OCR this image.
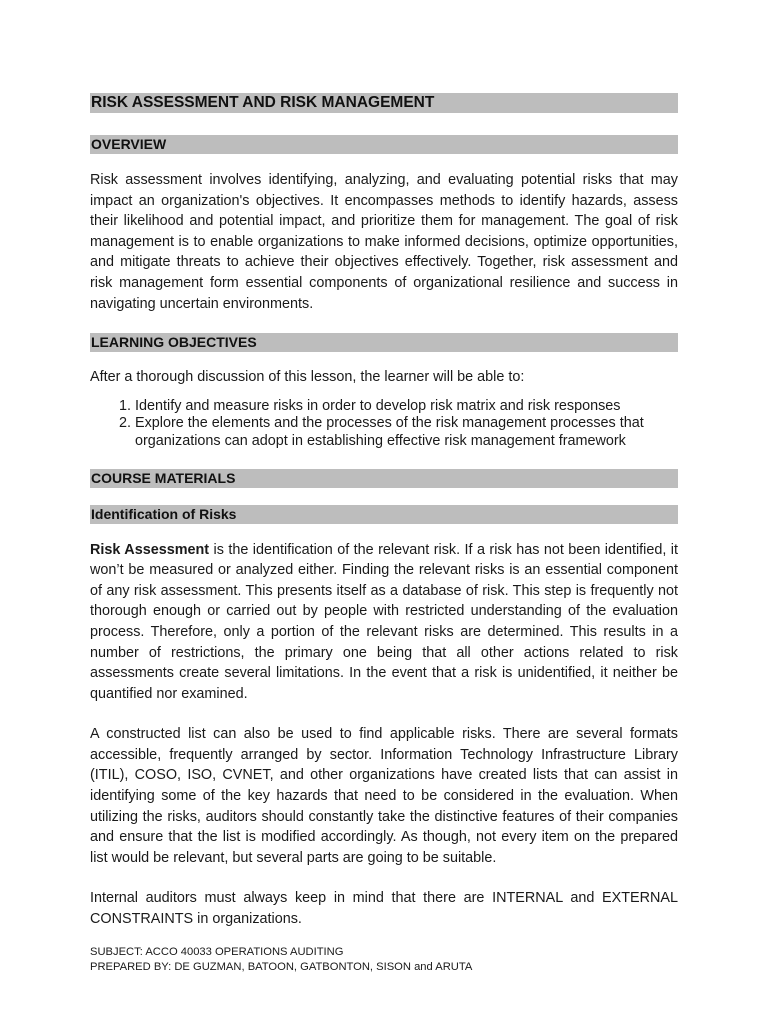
RISK ASSESSMENT AND RISK MANAGEMENT
OVERVIEW

Risk assessment involves identifying, analyzing, and evaluating potential risks that may impact an organization's objectives. It encompasses methods to identify hazards, assess their likelihood and potential impact, and prioritize them for management. The goal of risk management is to enable organizations to make informed decisions, optimize opportunities, and mitigate threats to achieve their objectives effectively. Together, risk assessment and risk management form essential components of organizational resilience and success in navigating uncertain environments.

LEARNING OBJECTIVES

After a thorough discussion of this lesson, the learner will be able to:

1. Identify and measure risks in order to develop risk matrix and risk responses
2. Explore the elements and the processes of the risk management processes that organizations can adopt in establishing effective risk management framework
COURSE MATERIALS
Identification of Risks

Risk Assessment is the identification of the relevant risk. If a risk has not been identified, it won’t be measured or analyzed either. Finding the relevant risks is an essential component of any risk assessment. This presents itself as a database of risk. This step is frequently not thorough enough or carried out by people with restricted understanding of the evaluation process. Therefore, only a portion of the relevant risks are determined. This results in a number of restrictions, the primary one being that all other actions related to risk assessments create several limitations. In the event that a risk is unidentified, it neither be quantified nor examined.

A constructed list can also be used to find applicable risks. There are several formats accessible, frequently arranged by sector. Information Technology Infrastructure Library (ITIL), COSO, ISO, CVNET, and other organizations have created lists that can assist in identifying some of the key hazards that need to be considered in the evaluation. When utilizing the risks, auditors should constantly take the distinctive features of their companies and ensure that the list is modified accordingly. As though, not every item on the prepared list would be relevant, but several parts are going to be suitable.

Internal auditors must always keep in mind that there are INTERNAL and EXTERNAL CONSTRAINTS in organizations.

SUBJECT: ACCO 40033 OPERATIONS AUDITING
PREPARED BY: DE GUZMAN, BATOON, GATBONTON, SISON and ARUTA
